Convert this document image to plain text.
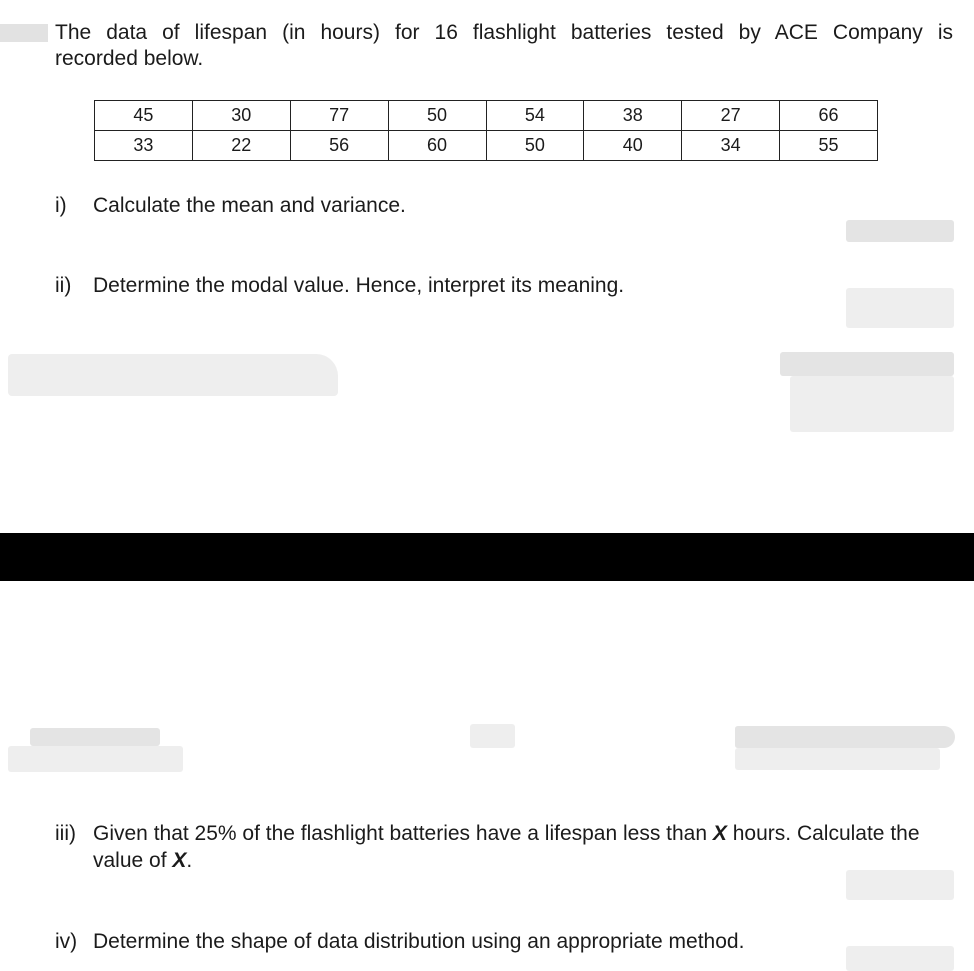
The data of lifespan (in hours) for 16 flashlight batteries tested by ACE Company is
recorded below.
45	30	77	50	54	38	27	66
33	22	56	60	50	40	34	55
i) Calculate the mean and variance.
ii) Determine the modal value. Hence, interpret its meaning.
iii) Given that 25% of the flashlight batteries have a lifespan less than X hours. Calculate the value of X.
iv) Determine the shape of data distribution using an appropriate method.
